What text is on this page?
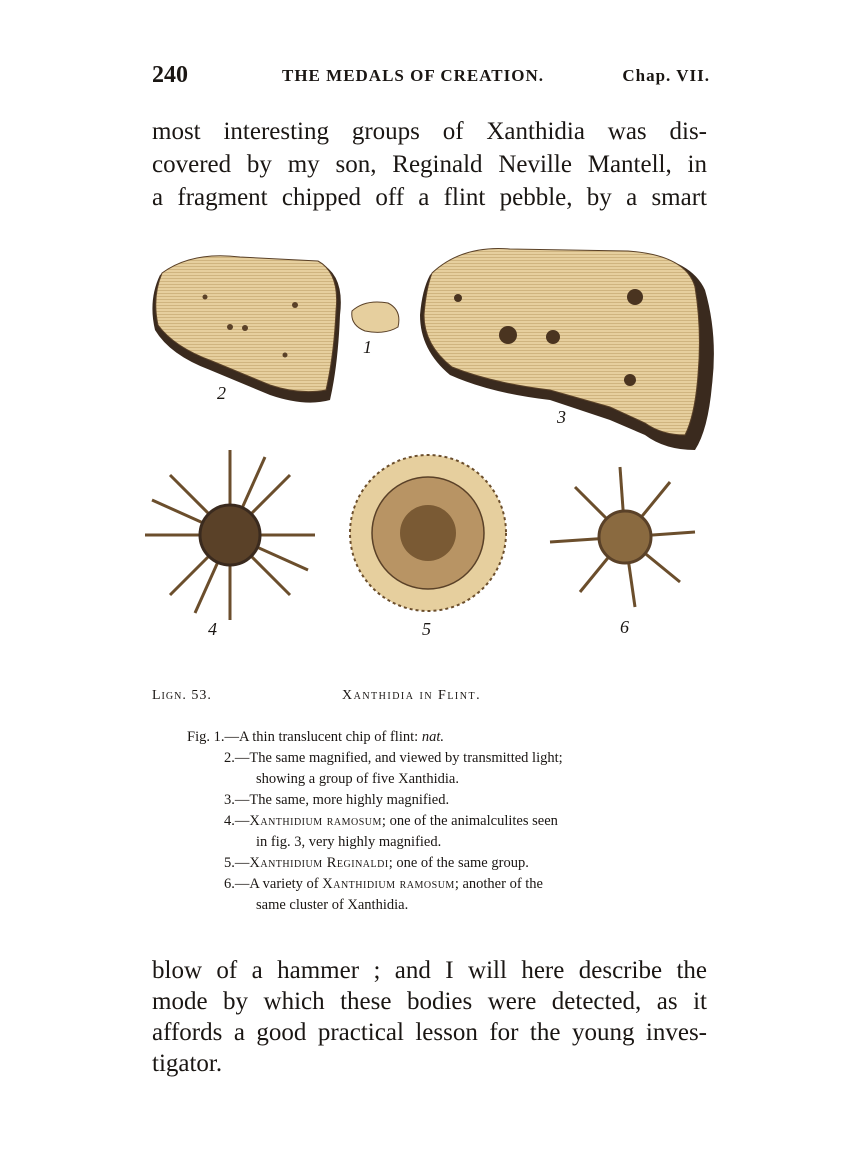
240	THE MEDALS OF CREATION.	Chap. VII.
most interesting groups of Xanthidia was dis-
covered by my son, Reginald Neville Mantell, in
a fragment chipped off a flint pebble, by a smart
1
2
3
4	5	6
Lign. 53.	Xanthidia in Flint.
Fig. 1.—A thin translucent chip of flint: nat.
2.—The same magnified, and viewed by transmitted light;
showing a group of five Xanthidia.
3.—The same, more highly magnified.
4.—Xanthidium ramosum; one of the animalculites seen
in fig. 3, very highly magnified.
5.—Xanthidium Reginaldi; one of the same group.
6.—A variety of Xanthidium ramosum; another of the
same cluster of Xanthidia.
blow of a hammer ; and I will here describe the
mode by which these bodies were detected, as it
affords a good practical lesson for the young inves-
tigator.
